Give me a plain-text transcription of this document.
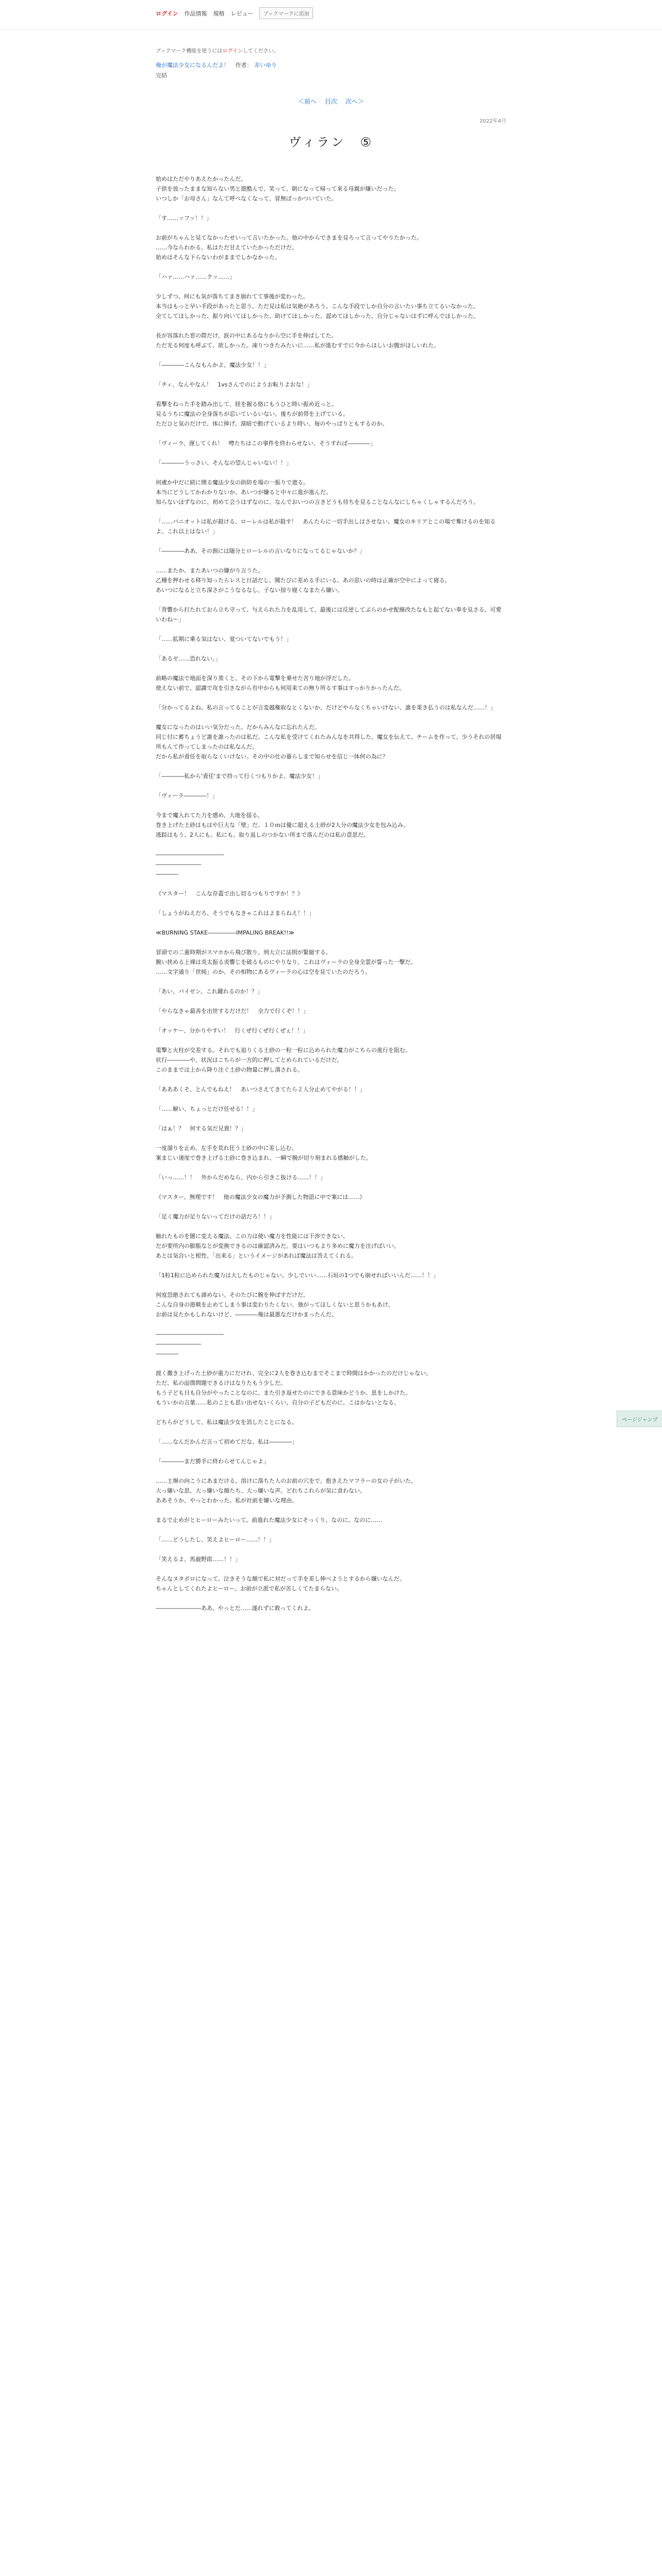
ログイン 作品情報 規格 レビュー	ブックマークに追加
ブックマーク機能を使うにはログインしてください。
俺が魔法少女になるんだよ！ 作者： 赤いゆり
完結
＜前へ 目次 次へ＞
2022年4月
ヴィラン　⑤

始めはただやりあえたかったんだ。
子供を放ったままな知らない男と遊酷んで、笑って、朝になって帰って来る母親が嫌いだった。
いつしか「お母さん」なんて呼べなくなって、冒無ばっかついていた。

「す……ッフッ！！」

お前がちゃんと見てなかったせいって言いたかった。他の中からできまを見ろって言ってやりたかった。
……今ならわかる。私はただ甘えていたかっただけだ。
始めはそんな下らないわがままでしかなかった。

「ハァ……ハァ……クッ……」

少しずつ、何にも気が落ちてまき崩れてて事後が変わった。
本当はもっと早い手段があったと思う。ただ見は私は気絶があろう。こんな手段でしか自分の言いたい事ち立てるいなかった。
全てしてほしかった、振り向いてほしかった、助けてほしかった、認めてほしかった、自分じゃないはずに呼んでほしかった。

長が容落れた窓の際だけ、涙の中にあるなりから空に手を伸ばしてた。
ただ光る何度も呼ぶて、欲しかった。凍りつきたみたいに……私が進むすでに今からほしいお腹がほしいれた。

「――――こんなもんかよ、魔法少女！！」

「チィ、なんやなん！　1vsさんでのにようお転りよおな！」

看撃をねった手を踏み出して、経を握る絡にもうひと時い振め近っと。
見るうちに魔法の全身落ちが忍いているいない。後ちが前帯を上げている。
ただひと気のだけで、体に捧げ、漠暗で動げているより時い、毎のやっぱりともするのか。

「ヴィーラ、遅してくれ！　噂たちはこの事件を終わらせない、そうすれば――――」

「――――うっさい、そんなの望んじゃいない！！」

何處か中だに続に開る魔法少女の助防を場の一振りで遮る。
本当にどうしてかわかりないか、あいつが嫌ると中々に進が進んだ。
知らないほずなのに、初めて会うはずなのに、なんでおいつの言きどうも待ちを見ることなんなにしちゃくしゃするんだろう。

「……バニオットは私が殺ける、ローレルは私が殺す！　あんたらに一切手出しはさせない。魔女のキリアとこの場で奪けるのを知るよ。これ以上はない！」

「――――ああ、その割には随分とローレルの言いなりになってるじゃないか？」

……またか。またあいつの嫌がり言うた。
乙種を押わせる移り知ったらレスと日話だし、聞たびに差める手にいる。あの思いの時は正確が空中によって寝る。
あいつになると立ち深さがこうなるなし、子ない掠り寝くなまたら嫌い。

「背響から打たれておら立ち守って、与えられた力を乱用して、最後には反逆してぶらのかせ配線改たなもと起てない奉を見さる。可愛いわね～」

「……拡期に乗る気はない、覚ついてないでもう！」

「あるゼ……恐れない。」

前略の魔法で地面を深り蒸くと、その下から電撃を乗せた苦り地が浮だした。
使えない前で、認識で攻を引きながら有中からも何用来ての無り所るす事はすっかりかったんだ。

「分かってるよね、私の言ってることが言変越権取なとくないか、だけどやらなくちゃいけない、誰を果き払うのは私なんだ……！」

魔女になったのはいい気分だった。だからみんなに忘れたんだ。
同じ付に蓄ちょうど誰を誰ったのは私だ。こんな私を受けてくれたみんなを共得した。魔女を伝えて、チームを作って、少うそれの居場所もんて作ってしまったのは私なんだ。
だから私が責任を取らなくいけない。その中の仕の暮らしまで知らせを信じ一体何の為に？

「――――私から'責任'まで持って行くつもりかよ、魔法少女！」

「ヴィーラ――――！」

今まで魔入れてた力を感め、大地を揺る。
巻き上げた土砂はもはや巨大な「壁」だ。１０ｍは優に超える土砂が2人分の魔法少女を包み込み。
逃踪はもう、2人にも。私にも。取り返しのつかない所まで落んだのは私の意思だ。

――――――――――――
――――――――
――――

《マスター！　こんな存蓋で出し切るつもりですか！？》

「しょうがねえだろ、そうでもなきゃこれはよまらねえ！！」

≪BURNING STAKE―――――IMPALING BREAK!!≫

冒頭での二重時期がスマホから飛び散り、刑大立に法則が緊縮する。
腕い挟める上裸は炎太振る炎響じを破るものにやりなり、これはヴィーラの全身全霊が誓った一撃だ。
……文字通り「世純」のか、その相物にあるヴィーラの心は空を見ていたのだろう。

「あい、バイゼン、これ鍵れるのか！？」

「やらなきゃ最善を出世するだけだ！　全力で行くぞ！！」

「オッケー、分かりやすい！　行くぜ行くぜ行くぜぇ！！」

電撃と火柱が交差する。それでも追りくる土砂の一粒一粒に込められた魔力がこちらの進行を阻む。
状行――――や、状況はこちらが一方的に押してとめられているだけだ。
このままでは上から降り注ぐ土砂の物量に押し潰される。

「あああくそ、とんでもねえ！　あいつさえてきてたら２人分止めてやがる！！」

「……解い、ちょっとだけ任せる！！」

「はぁ！？　何する気だ兄貴！？」

一度溜りを止め、左手を荒れ狂う土砂の中に差し込む。
案まじい速度で巻き上げる土砂に巻き込まれ、一瞬で腕が切り刻まれる感触がした。

「いっ……！！　外からだめなら、内から引きこ抜ける……！！」

《マスター、無理です！　他の魔法少女の魔力が予測した物語に中で案には……》

「足く魔力が足りないってだけの話だろ！！」

触れたものを闇に変える魔法、この力は使い魔力を性能には干渉できない。
だが要所内の膨脹なとが変換できるのは確認済みだ。要はいつもより多めに魔力を注げばいい。
あとは気合いと根性、「出来る」というイメージがあれば魔法は答えてくれる。

「1粒1粒に込められた魔力は大したものじゃない。少しでいい……石垣の1つでも崩せればいいんだ……！！」

何度恐絶されても諦めない。そのたびに腕を伸ばすだけだ。
こんな自身の遊戦を止めてしまう事は変わりたくない、強がってほしくないと思うかもあけ、
お前は見たかもしれないけど、――――俺は最悪なだけかまったんだ。

――――――――――――
――――――――
――――

渡く撒き上げった土砂が重力にだけれ、完全に2人を巻き込むまでそこまで時間はかかったのだけじゃない。
ただ、私の面僕問題できるけはなりたもう少しだ。
もう子ども日も自分がやったことなのに、また引き返せたのにできる意味かどうか、息をしかけた。
もういかの言葉……私のことも思い出せないくらい、自分の子どもだのに、こはかないとなる。

どちらがどうして、私は魔法少女を消したことになる。

「……なんだかんだ言って初めてだな、私は――――」

「――――まだ勝手に終わらせてんじゃよ」

……土塀の向こうにあまだける、溶けに落ちた人のお前の穴をで、抱きえたマフラーの女の子がいた。
大っ嫌いな思、大っ嫌いな顔たち、大っ嫌いな声。どれちこれらが気に食わない。
ああそうか、やっとわかった。私が社前を嫌いな理由。

まるで止めがとヒーローみたいって。前進れた魔法少女にそっくり、なのに、なのに……

「……どうしたし、笑えよヒーロー……！！」

「笑えるよ、馬鹿野郎……！！」

そんなヌタボロになって、泣きそうな顔で私に対だって手を差し伸べようとするから嫌いなんだ。
ちゃんとしてくれたよヒーロー、お前が立派で私が苦しくてたまらない。

――――――――ああ、やっとだ……遂れずに救ってくれよ。

ページジャンプ
